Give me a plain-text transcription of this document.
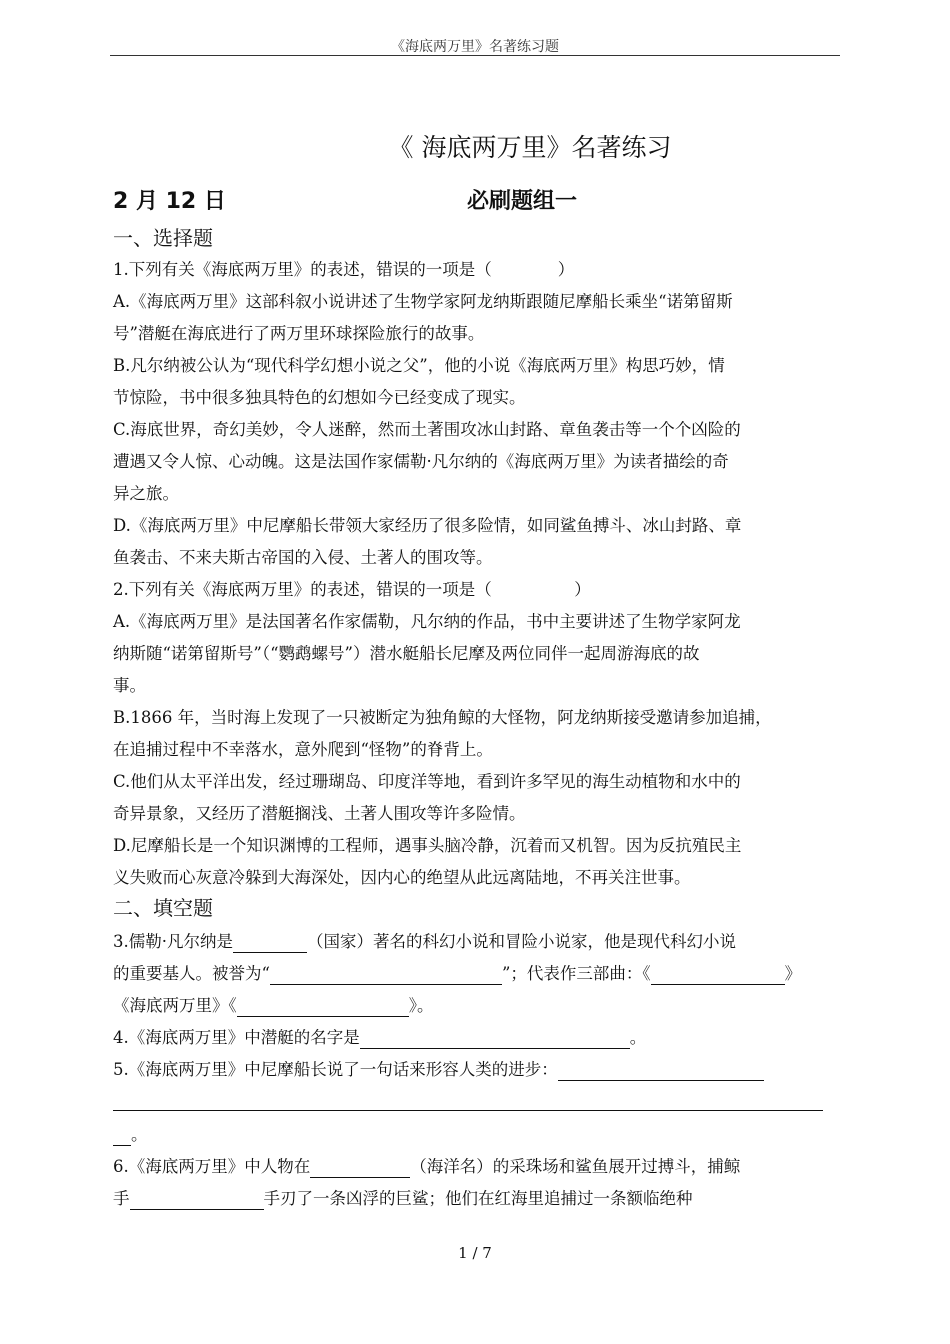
《海底两万里》名著练习题
《 海底两万里》名著练习
2 月 12 日	必刷题组一
一、选择题
1.下列有关《海底两万里》的表述，错误的一项是（　　　　）
A.《海底两万里》这部科叙小说讲述了生物学家阿龙纳斯跟随尼摩船长乘坐“诺第留斯
号”潜艇在海底进行了两万里环球探险旅行的故事。
B.凡尔纳被公认为“现代科学幻想小说之父”，他的小说《海底两万里》构思巧妙，情
节惊险，书中很多独具特色的幻想如今已经变成了现实。
C.海底世界，奇幻美妙，令人迷醉，然而土著围攻冰山封路、章鱼袭击等一个个凶险的
遭遇又令人惊、心动魄。这是法国作家儒勒·凡尔纳的《海底两万里》为读者描绘的奇
异之旅。
D.《海底两万里》中尼摩船长带领大家经历了很多险情，如同鲨鱼搏斗、冰山封路、章
鱼袭击、不来夫斯古帝国的入侵、土著人的围攻等。
2.下列有关《海底两万里》的表述，错误的一项是（　　　　　）
A.《海底两万里》是法国著名作家儒勒，凡尔纳的作品，书中主要讲述了生物学家阿龙
纳斯随“诺第留斯号”（“鹦鹉螺号”）潜水艇船长尼摩及两位同伴一起周游海底的故
事。
B.1866 年，当时海上发现了一只被断定为独角鲸的大怪物，阿龙纳斯接受邀请参加追捕，
在追捕过程中不幸落水，意外爬到“怪物”的脊背上。
C.他们从太平洋出发，经过珊瑚岛、印度洋等地，看到许多罕见的海生动植物和水中的
奇异景象，又经历了潜艇搁浅、土著人围攻等许多险情。
D.尼摩船长是一个知识渊博的工程师，遇事头脑冷静，沉着而又机智。因为反抗殖民主
义失败而心灰意冷躲到大海深处，因内心的绝望从此远离陆地，不再关注世事。
二、填空题
3.儒勒·凡尔纳是	（国家）著名的科幻小说和冒险小说家，他是现代科幻小说
的重要基人。被誉为“	”；代表作三部曲：《	》
《海底两万里》《	》。
4.《海底两万里》中潜艇的名字是	。
5.《海底两万里》中尼摩船长说了一句话来形容人类的进步：
。
6.《海底两万里》中人物在	（海洋名）的采珠场和鲨鱼展开过搏斗，捕鲸
手	手刃了一条凶浮的巨鲨；他们在红海里追捕过一条额临绝种
1 / 7
